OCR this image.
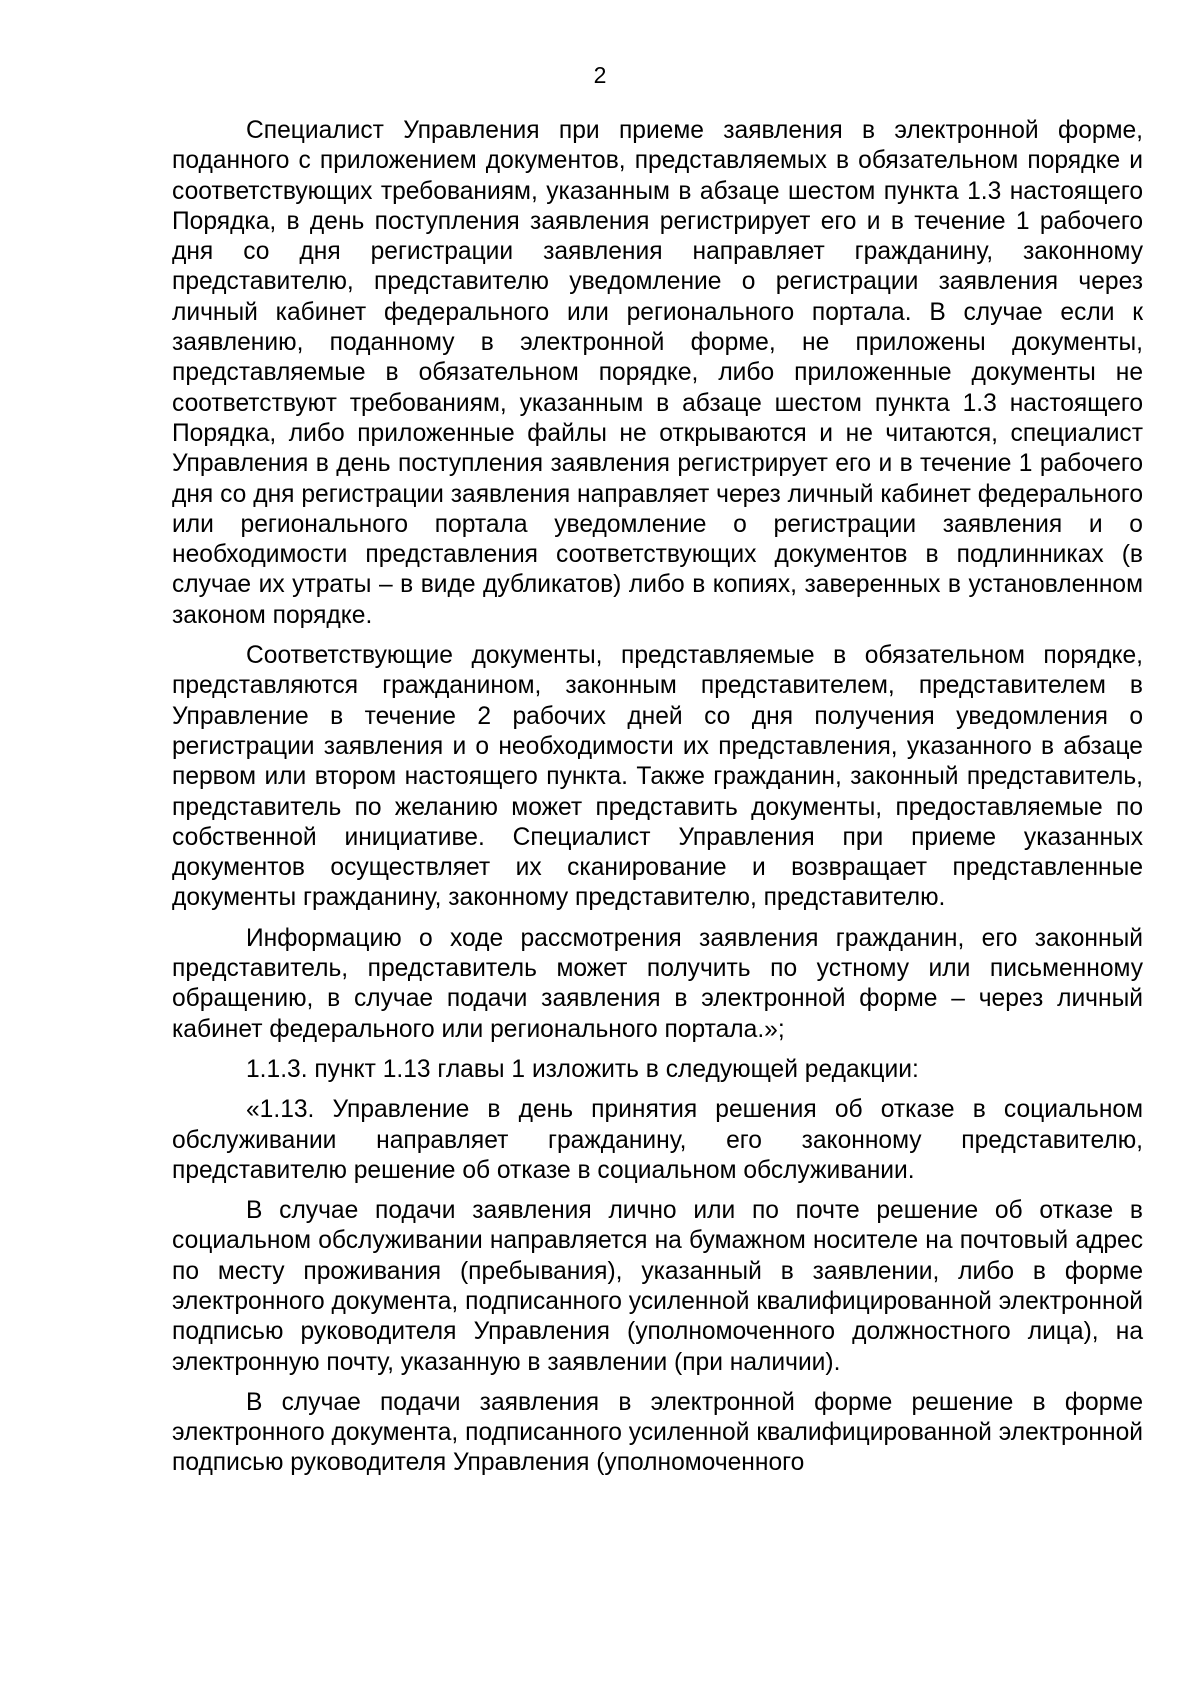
2

Специалист Управления при приеме заявления в электронной форме, поданного с приложением документов, представляемых в обязательном порядке и соответствующих требованиям, указанным в абзаце шестом пункта 1.3 настоящего Порядка, в день поступления заявления регистрирует его и в течение 1 рабочего дня со дня регистрации заявления направляет гражданину, законному представителю, представителю уведомление о регистрации заявления через личный кабинет федерального или регионального портала. В случае если к заявлению, поданному в электронной форме, не приложены документы, представляемые в обязательном порядке, либо приложенные документы не соответствуют требованиям, указанным в абзаце шестом пункта 1.3 настоящего Порядка, либо приложенные файлы не открываются и не читаются, специалист Управления в день поступления заявления регистрирует его и в течение 1 рабочего дня со дня регистрации заявления направляет через личный кабинет федерального или регионального портала уведомление о регистрации заявления и о необходимости представления соответствующих документов в подлинниках (в случае их утраты – в виде дубликатов) либо в копиях, заверенных в установленном законом порядке.

Соответствующие документы, представляемые в обязательном порядке, представляются гражданином, законным представителем, представителем в Управление в течение 2 рабочих дней со дня получения уведомления о регистрации заявления и о необходимости их представления, указанного в абзаце первом или втором настоящего пункта. Также гражданин, законный представитель, представитель по желанию может представить документы, предоставляемые по собственной инициативе. Специалист Управления при приеме указанных документов осуществляет их сканирование и возвращает представленные документы гражданину, законному представителю, представителю.

Информацию о ходе рассмотрения заявления гражданин, его законный представитель, представитель может получить по устному или письменному обращению, в случае подачи заявления в электронной форме – через личный кабинет федерального или регионального портала.»;

1.1.3. пункт 1.13 главы 1 изложить в следующей редакции:

«1.13. Управление в день принятия решения об отказе в социальном обслуживании направляет гражданину, его законному представителю, представителю решение об отказе в социальном обслуживании.

В случае подачи заявления лично или по почте решение об отказе в социальном обслуживании направляется на бумажном носителе на почтовый адрес по месту проживания (пребывания), указанный в заявлении, либо в форме электронного документа, подписанного усиленной квалифицированной электронной подписью руководителя Управления (уполномоченного должностного лица), на электронную почту, указанную в заявлении (при наличии).

В случае подачи заявления в электронной форме решение в форме электронного документа, подписанного усиленной квалифицированной электронной подписью руководителя Управления (уполномоченного
